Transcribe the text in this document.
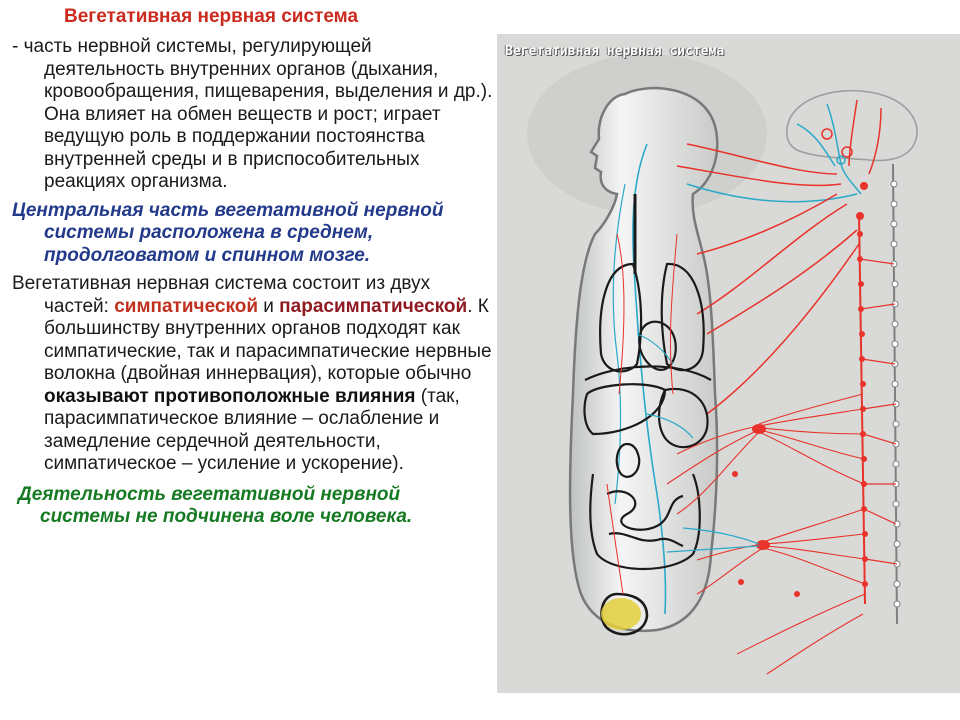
Вегетативная нервная система

- часть нервной системы, регулирующей деятельность внутренних органов (дыхания, кровообращения, пищеварения, выделения и др.). Она влияет на обмен веществ и рост; играет ведущую роль в поддержании постоянства внутренней среды и в приспособительных реакциях организма.

Центральная часть вегетативной нервной системы расположена в среднем, продолговатом и спинном мозге.

Вегетативная нервная система состоит из двух частей: симпатической и парасимпатической. К большинству внутренних органов подходят как симпатические, так и парасимпатические нервные волокна (двойная иннервация), которые обычно оказывают противоположные влияния (так, парасимпатическое влияние – ослабление и замедление сердечной деятельности, симпатическое – усиление и ускорение).

Деятельность вегетативной нервной системы не подчинена воле человека.

Вегетативная нервная система
